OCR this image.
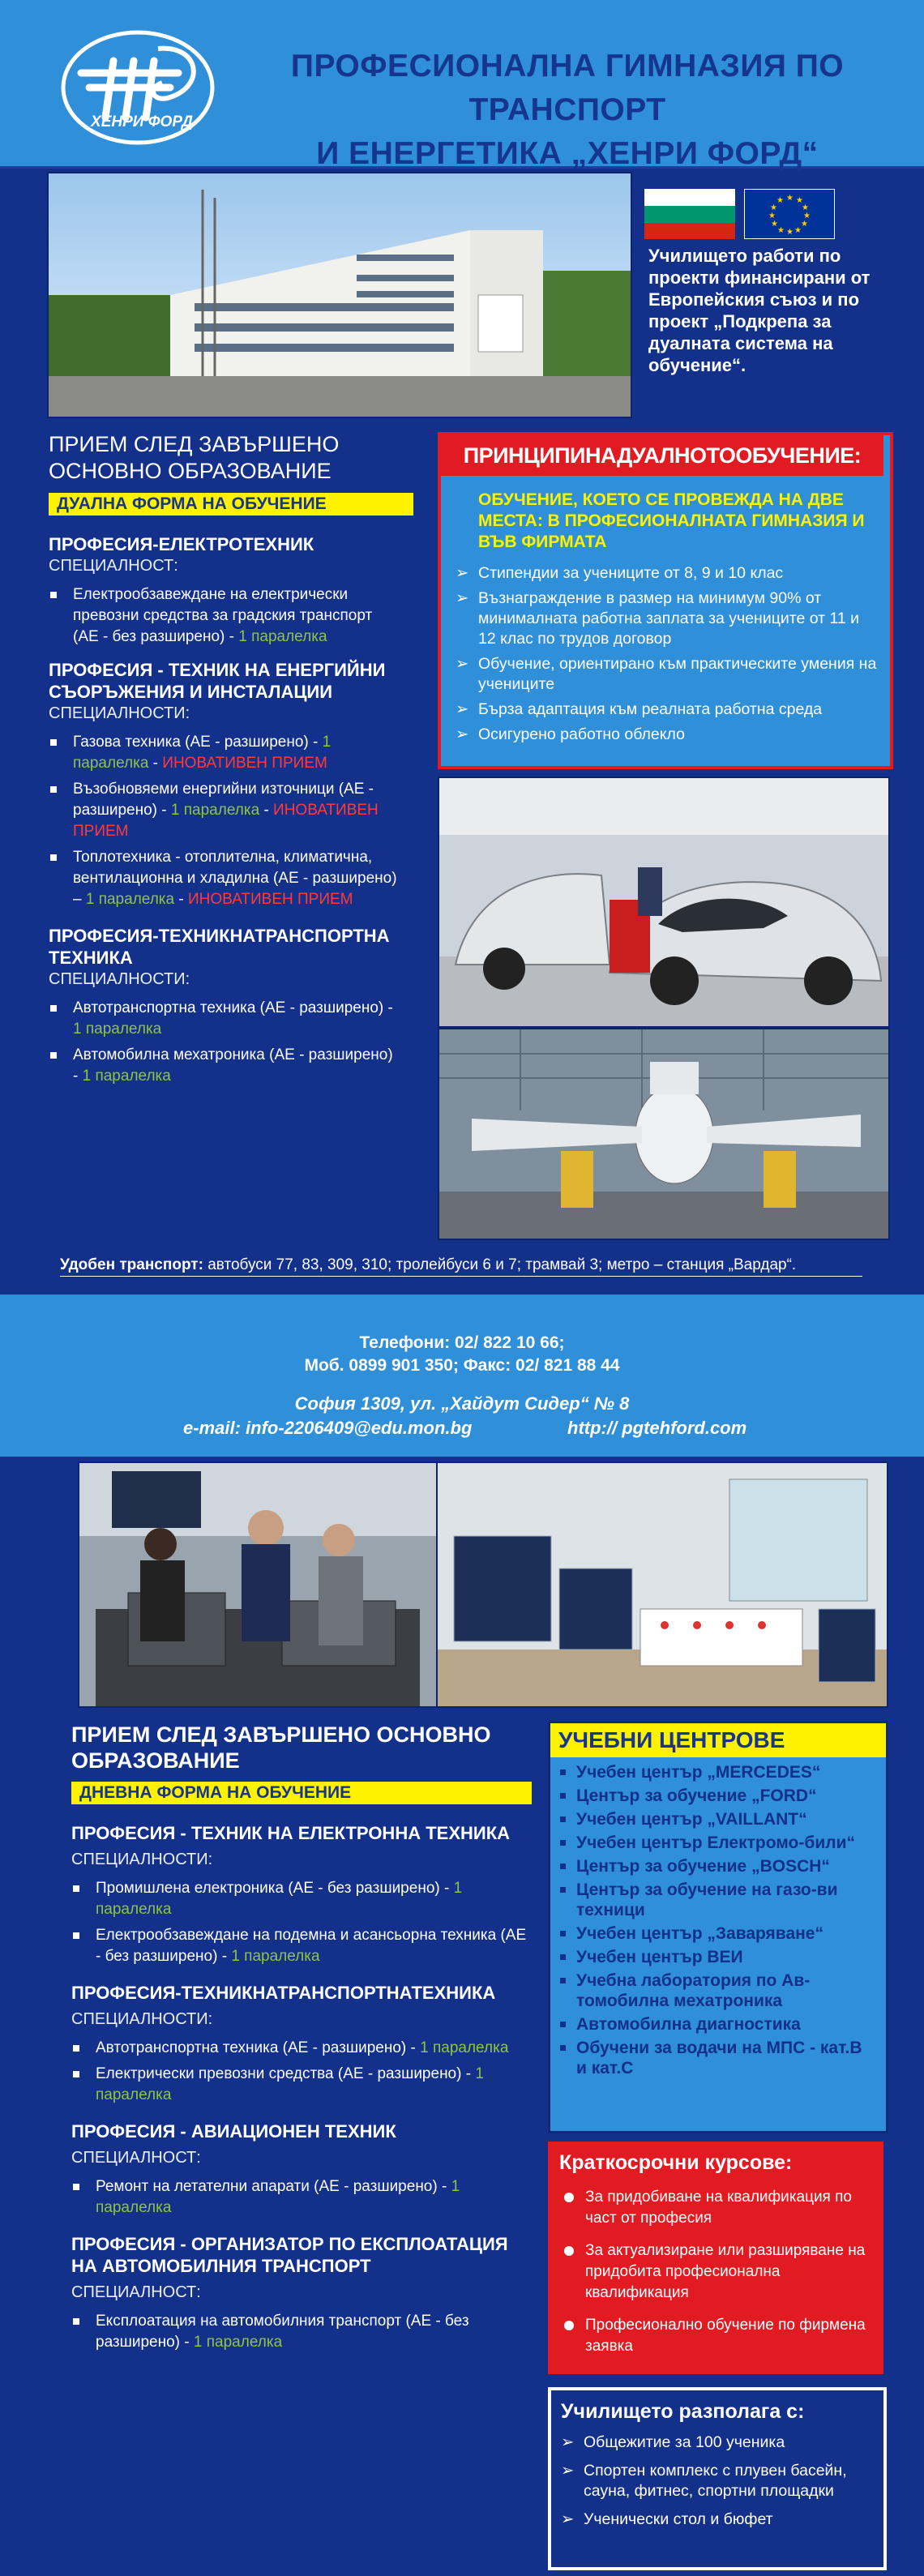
ХЕНРИ ФОРД
ПРОФЕСИОНАЛНА ГИМНАЗИЯ ПО ТРАНСПОРТ
И ЕНЕРГЕТИКА „ХЕНРИ ФОРД“
★ ★
★
★
★
★
★
★
★
★
★
★
Училището работи по проекти финансирани от Европейския съюз и по проект „Подкрепа за дуалната система на обучение“.
ПРИЕМ СЛЕД ЗАВЪРШЕНО ОСНОВНО ОБРАЗОВАНИЕ
ДУАЛНА ФОРМА НА ОБУЧЕНИЕ
ПРОФЕСИЯ-ЕЛЕКТРОТЕХНИК
СПЕЦИАЛНОСТ:
Електрообзавеждане на електрически превозни средства за градския транспорт (АЕ - без разширено) - 1 паралелка
ПРОФЕСИЯ - ТЕХНИК НА ЕНЕРГИЙНИ СЪОРЪЖЕНИЯ И ИНСТАЛАЦИИ
СПЕЦИАЛНОСТИ:
Газова техника (АЕ - разширено) - 1 паралелка - ИНОВАТИВЕН ПРИЕМ
Възобновяеми енергийни източници (АЕ - разширено) - 1 паралелка - ИНОВАТИВЕН ПРИЕМ
Топлотехника - отоплителна, климатична, вентилационна и хладилна (АЕ - разширено) – 1 паралелка - ИНОВАТИВЕН ПРИЕМ
ПРОФЕСИЯ-ТЕХНИКНАТРАНСПОРТНА ТЕХНИКА
СПЕЦИАЛНОСТИ:
Автотранспортна техника (АЕ - разширено) - 1 паралелка
Автомобилна мехатроника (АЕ - разширено) - 1 паралелка
ПРИНЦИПИНАДУАЛНОТООБУЧЕНИЕ:
ОБУЧЕНИЕ, КОЕТО СЕ ПРОВЕЖДА НА ДВЕ МЕСТА: В ПРОФЕСИОНАЛНАТА ГИМНАЗИЯ И ВЪВ ФИРМАТА
➢ Стипендии за учениците от 8, 9 и 10 клас
➢ Възнаграждение в размер на минимум 90% от минималната работна заплата за учениците от 11 и 12 клас по трудов договор
➢ Обучение, ориентирано към практическите умения на учениците
➢ Бърза адаптация към реалната работна среда
➢ Осигурено работно облекло
Удобен транспорт: автобуси 77, 83, 309, 310; тролейбуси 6 и 7; трамвай 3; метро – станция „Вардар“.
Телефони: 02/ 822 10 66;
Моб. 0899 901 350; Факс: 02/ 821 88 44
София 1309, ул. „Хайдут Сидер“ № 8
e-mail: info-2206409@edu.mon.bg	http:// pgtehford.com
ПРИЕМ СЛЕД ЗАВЪРШЕНО ОСНОВНО ОБРАЗОВАНИЕ
ДНЕВНА ФОРМА НА ОБУЧЕНИЕ
ПРОФЕСИЯ - ТЕХНИК НА ЕЛЕКТРОННА ТЕХНИКА
СПЕЦИАЛНОСТИ:
Промишлена електроника (АЕ - без разширено) - 1 паралелка
Електрообзавеждане на подемна и асансьорна техника (АЕ - без разширено) - 1 паралелка
ПРОФЕСИЯ-ТЕХНИКНАТРАНСПОРТНАТЕХНИКА
СПЕЦИАЛНОСТИ:
Автотранспортна техника (АЕ - разширено) - 1 паралелка
Електрически превозни средства (АЕ - разширено) - 1 паралелка
ПРОФЕСИЯ - АВИАЦИОНЕН ТЕХНИК
СПЕЦИАЛНОСТ:
Ремонт на летателни апарати (АЕ - разширено) - 1 паралелка
ПРОФЕСИЯ - ОРГАНИЗАТОР ПО ЕКСПЛОАТАЦИЯ НА АВТОМОБИЛНИЯ ТРАНСПОРТ
СПЕЦИАЛНОСТ:
Експлоатация на автомобилния транспорт (АЕ - без разширено) - 1 паралелка
УЧЕБНИ ЦЕНТРОВЕ
Учебен център „MERCEDES“
Център за обучение „FORD“
Учебен център „VAILLANT“
Учебен център Електромо-били“
Център за обучение „BOSCH“
Център за обучение на газо-ви техници
Учебен център „Заваряване“
Учебен център ВЕИ
Учебна лаборатория по Ав-томобилна мехатроника
Автомобилна диагностика
Обучени за водачи на МПС - кат.B и кат.C
Краткосрочни курсове:
За придобиване на квалификация по част от професия
За актуализиране или разширяване на придобита професионална квалификация
Професионално обучение по фирмена заявка
Училището разполага с:
➢ Общежитие за 100 ученика
➢ Спортен комплекс с плувен басейн, сауна, фитнес, спортни площадки
➢ Ученически стол и бюфет
